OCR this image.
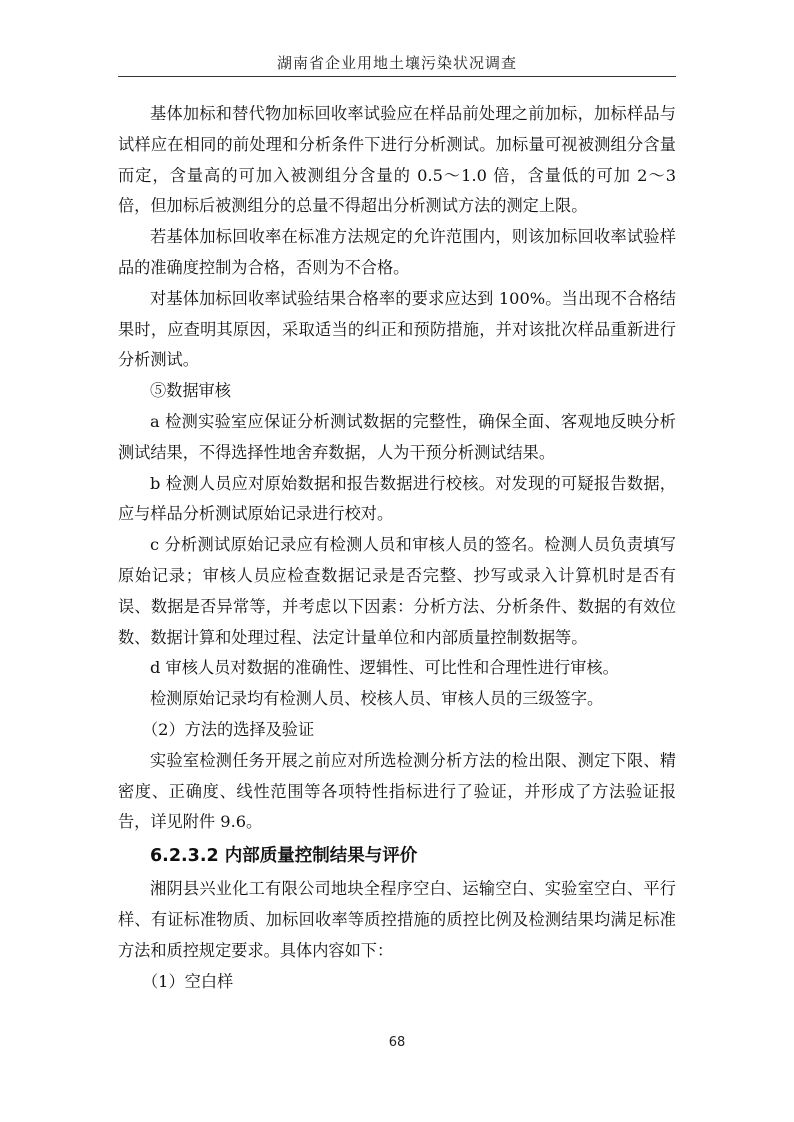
湖南省企业用地土壤污染状况调查

基体加标和替代物加标回收率试验应在样品前处理之前加标，加标样品与试样应在相同的前处理和分析条件下进行分析测试。加标量可视被测组分含量而定，含量高的可加入被测组分含量的 0.5～1.0 倍，含量低的可加 2～3 倍，但加标后被测组分的总量不得超出分析测试方法的测定上限。

若基体加标回收率在标准方法规定的允许范围内，则该加标回收率试验样品的准确度控制为合格，否则为不合格。

对基体加标回收率试验结果合格率的要求应达到 100%。当出现不合格结果时，应查明其原因，采取适当的纠正和预防措施，并对该批次样品重新进行分析测试。

⑤数据审核

a 检测实验室应保证分析测试数据的完整性，确保全面、客观地反映分析测试结果，不得选择性地舍弃数据，人为干预分析测试结果。

b 检测人员应对原始数据和报告数据进行校核。对发现的可疑报告数据，应与样品分析测试原始记录进行校对。

c 分析测试原始记录应有检测人员和审核人员的签名。检测人员负责填写原始记录；审核人员应检查数据记录是否完整、抄写或录入计算机时是否有误、数据是否异常等，并考虑以下因素：分析方法、分析条件、数据的有效位数、数据计算和处理过程、法定计量单位和内部质量控制数据等。

d 审核人员对数据的准确性、逻辑性、可比性和合理性进行审核。

检测原始记录均有检测人员、校核人员、审核人员的三级签字。

（2）方法的选择及验证

实验室检测任务开展之前应对所选检测分析方法的检出限、测定下限、精密度、正确度、线性范围等各项特性指标进行了验证，并形成了方法验证报告，详见附件 9.6。

6.2.3.2 内部质量控制结果与评价

湘阴县兴业化工有限公司地块全程序空白、运输空白、实验室空白、平行样、有证标准物质、加标回收率等质控措施的质控比例及检测结果均满足标准方法和质控规定要求。具体内容如下：

（1）空白样

68
